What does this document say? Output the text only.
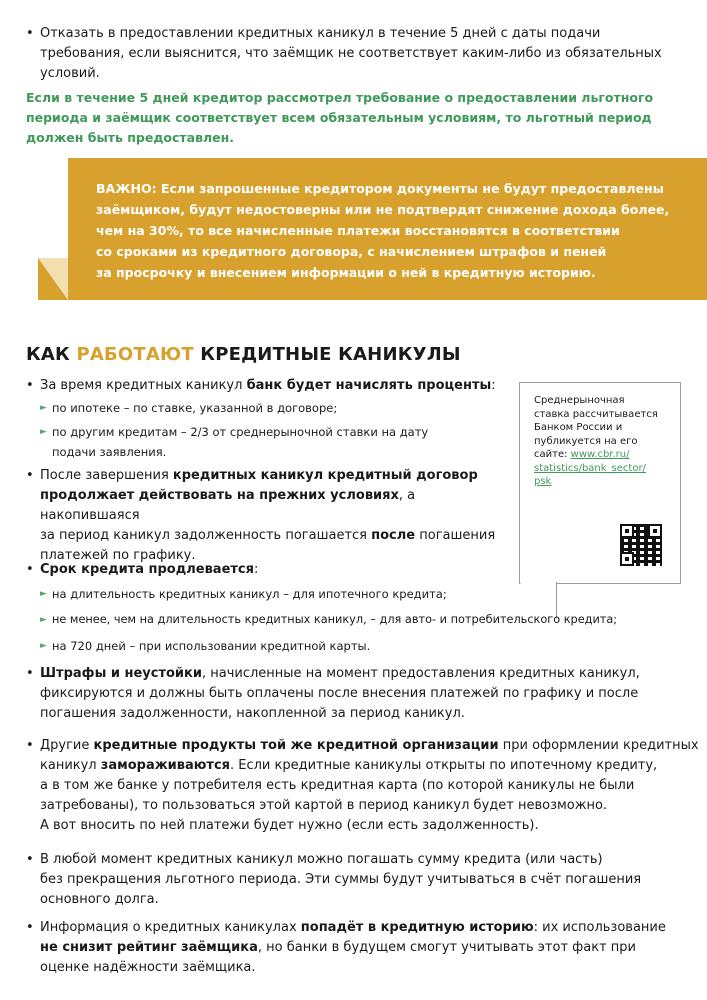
• Отказать в предоставлении кредитных каникул в течение 5 дней с даты подачи
требования, если выяснится, что заёмщик не соответствует каким-либо из обязательных
условий.
Если в течение 5 дней кредитор рассмотрел требование о предоставлении льготного
периода и заёмщик соответствует всем обязательным условиям, то льготный период
должен быть предоставлен.
ВАЖНО: Если запрошенные кредитором документы не будут предоставлены
заёмщиком, будут недостоверны или не подтвердят снижение дохода более,
чем на 30%, то все начисленные платежи восстановятся в соответствии
со сроками из кредитного договора, с начислением штрафов и пеней
за просрочку и внесением информации о ней в кредитную историю.
КАК РАБОТАЮТ КРЕДИТНЫЕ КАНИКУЛЫ
Среднерыночная
ставка рассчитывается
Банком России и
публикуется на его
сайте: www.cbr.ru/
statistics/bank_sector/
psk
• За время кредитных каникул банк будет начислять проценты:
► по ипотеке – по ставке, указанной в договоре;
► по другим кредитам – 2/3 от среднерыночной ставки на дату
подачи заявления.
• После завершения кредитных каникул кредитный договор
продолжает действовать на прежних условиях, а накопившаяся
за период каникул задолженность погашается после погашения
платежей по графику.
• Срок кредита продлевается:
► на длительность кредитных каникул – для ипотечного кредита;
► не менее, чем на длительность кредитных каникул, – для авто- и потребительского кредита;
► на 720 дней – при использовании кредитной карты.
• Штрафы и неустойки, начисленные на момент предоставления кредитных каникул,
фиксируются и должны быть оплачены после внесения платежей по графику и после
погашения задолженности, накопленной за период каникул.
• Другие кредитные продукты той же кредитной организации при оформлении кредитных
каникул замораживаются. Если кредитные каникулы открыты по ипотечному кредиту,
а в том же банке у потребителя есть кредитная карта (по которой каникулы не были
затребованы), то пользоваться этой картой в период каникул будет невозможно.
А вот вносить по ней платежи будет нужно (если есть задолженность).
• В любой момент кредитных каникул можно погашать сумму кредита (или часть)
без прекращения льготного периода. Эти суммы будут учитываться в счёт погашения
основного долга.
• Информация о кредитных каникулах попадёт в кредитную историю: их использование
не снизит рейтинг заёмщика, но банки в будущем смогут учитывать этот факт при
оценке надёжности заёмщика.
